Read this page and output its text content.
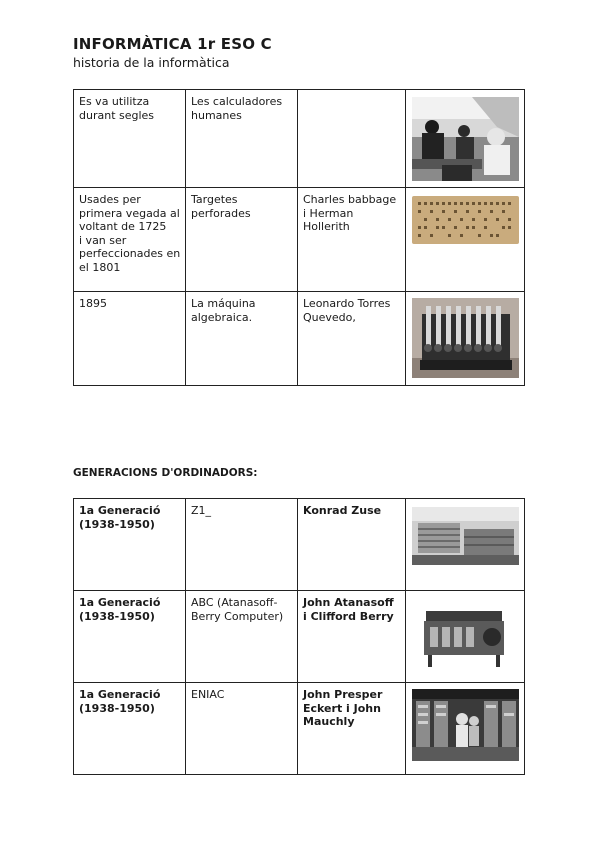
INFORMÀTICA 1r ESO C
historia de la informàtica
Es va utilitza durant segles	Les calculadores humanes		

Usades per primera vegada al voltant de 1725
i van ser perfeccionades en el 1801	Targetes perforades	Charles babbage i Herman Hollerith	

1895	La máquina algebraica.	Leonardo Torres Quevedo,	
GENERACIONS D'ORDINADORS:
1a Generació (1938-1950)	Z1_	Konrad Zuse	

1a Generació (1938-1950)	ABC (Atanasoff-Berry Computer)	John Atanasoff i Clifford Berry	

1a Generació (1938-1950)	ENIAC	John Presper Eckert i John Mauchly	
